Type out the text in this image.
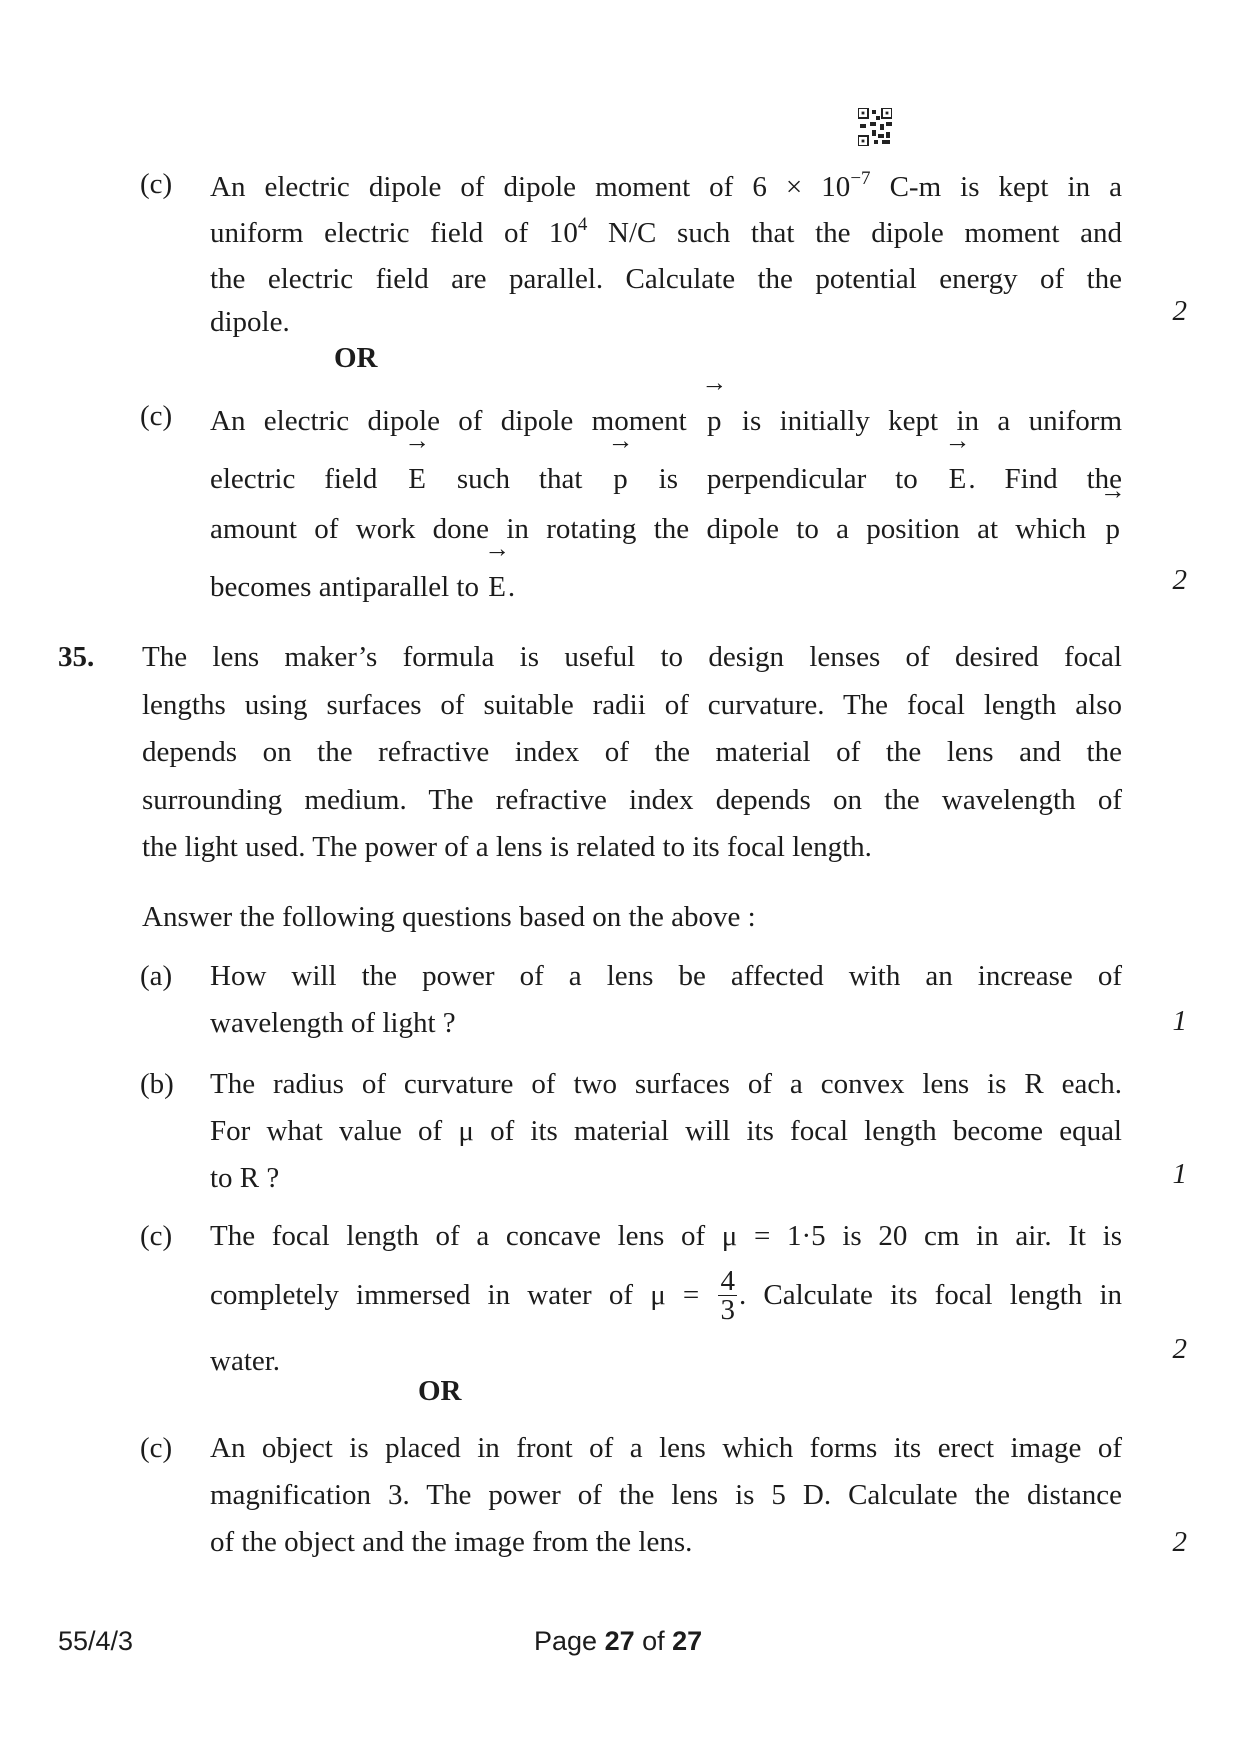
(c)	An electric dipole of dipole moment of $6 \times 10^{-7}$ C-m is kept in a
uniform electric field of $10^4$ N/C such that the dipole moment and
the electric field are parallel. Calculate the potential energy of the
dipole.	2
OR
(c)	An electric dipole of dipole moment → p is initially kept in a uniform
electric field → E such that → p is perpendicular to → E. Find the
amount of work done in rotating the dipole to a position at which → p
becomes antiparallel to → E.	2
35. The lens maker’s formula is useful to design lenses of desired focal
lengths using surfaces of suitable radii of curvature. The focal length also
depends on the refractive index of the material of the lens and the
surrounding medium. The refractive index depends on the wavelength of
the light used. The power of a lens is related to its focal length.
Answer the following questions based on the above :
(a)	How will the power of a lens be affected with an increase of
wavelength of light ?	1
(b)	The radius of curvature of two surfaces of a convex lens is R each.
For what value of μ of its material will its focal length become equal
to R ?	1
(c)	The focal length of a concave lens of μ = 1·5 is 20 cm in air. It is
completely immersed in water of $\mu = \frac{4}{3}$ . Calculate its focal length in
water.	2
OR
(c)	An object is placed in front of a lens which forms its erect image of
magnification 3. The power of the lens is 5 D. Calculate the distance
of the object and the image from the lens.	2
55/4/3	Page 27 of 27
